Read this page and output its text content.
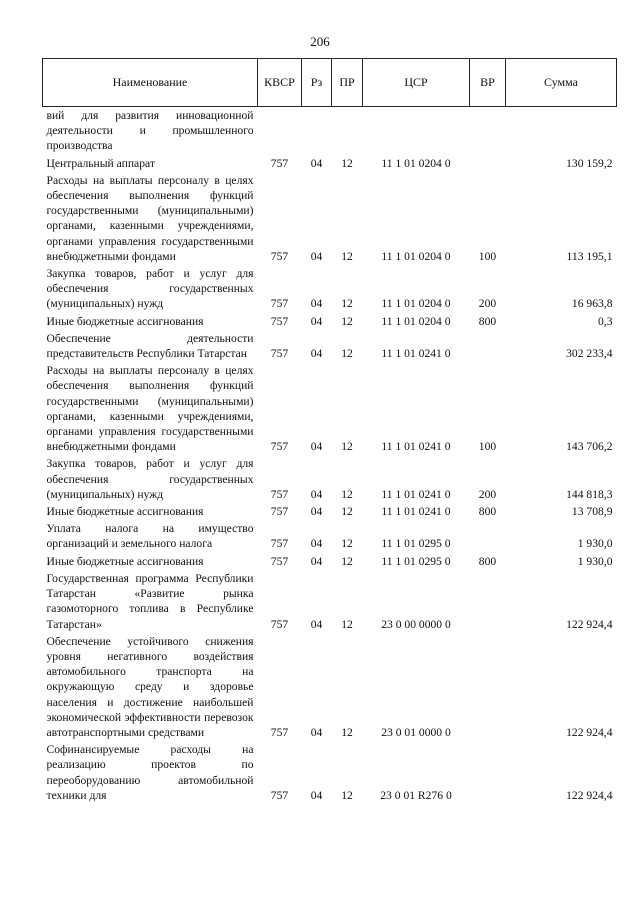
206
Наименование	КВСР	Рз	ПР	ЦСР	ВР	Сумма
вий для развития инновационной деятельности и промышленного производства						
Центральный аппарат	757	04	12	11 1 01 0204 0		130 159,2
Расходы на выплаты персоналу в целях обеспечения выполнения функций государственными (муниципальными) органами, казенными учреждениями, органами управления государственными внебюджетными фондами	757	04	12	11 1 01 0204 0	100	113 195,1
Закупка товаров, работ и услуг для обеспечения государственных (муниципальных) нужд	757	04	12	11 1 01 0204 0	200	16 963,8
Иные бюджетные ассигнования	757	04	12	11 1 01 0204 0	800	0,3
Обеспечение деятельности представительств Республики Татарстан	757	04	12	11 1 01 0241 0		302 233,4
Расходы на выплаты персоналу в целях обеспечения выполнения функций государственными (муниципальными) органами, казенными учреждениями, органами управления государственными внебюджетными фондами	757	04	12	11 1 01 0241 0	100	143 706,2
Закупка товаров, работ и услуг для обеспечения государственных (муниципальных) нужд	757	04	12	11 1 01 0241 0	200	144 818,3
Иные бюджетные ассигнования	757	04	12	11 1 01 0241 0	800	13 708,9
Уплата налога на имущество организаций и земельного налога	757	04	12	11 1 01 0295 0		1 930,0
Иные бюджетные ассигнования	757	04	12	11 1 01 0295 0	800	1 930,0
Государственная программа Республики Татарстан «Развитие рынка газомоторного топлива в Республике Татарстан»	757	04	12	23 0 00 0000 0		122 924,4
Обеспечение устойчивого снижения уровня негативного воздействия автомобильного транспорта на окружающую среду и здоровье населения и достижение наибольшей экономической эффективности перевозок автотранспортными средствами	757	04	12	23 0 01 0000 0		122 924,4
Софинансируемые расходы на реализацию проектов по переоборудованию автомобильной техники для	757	04	12	23 0 01 R276 0		122 924,4
